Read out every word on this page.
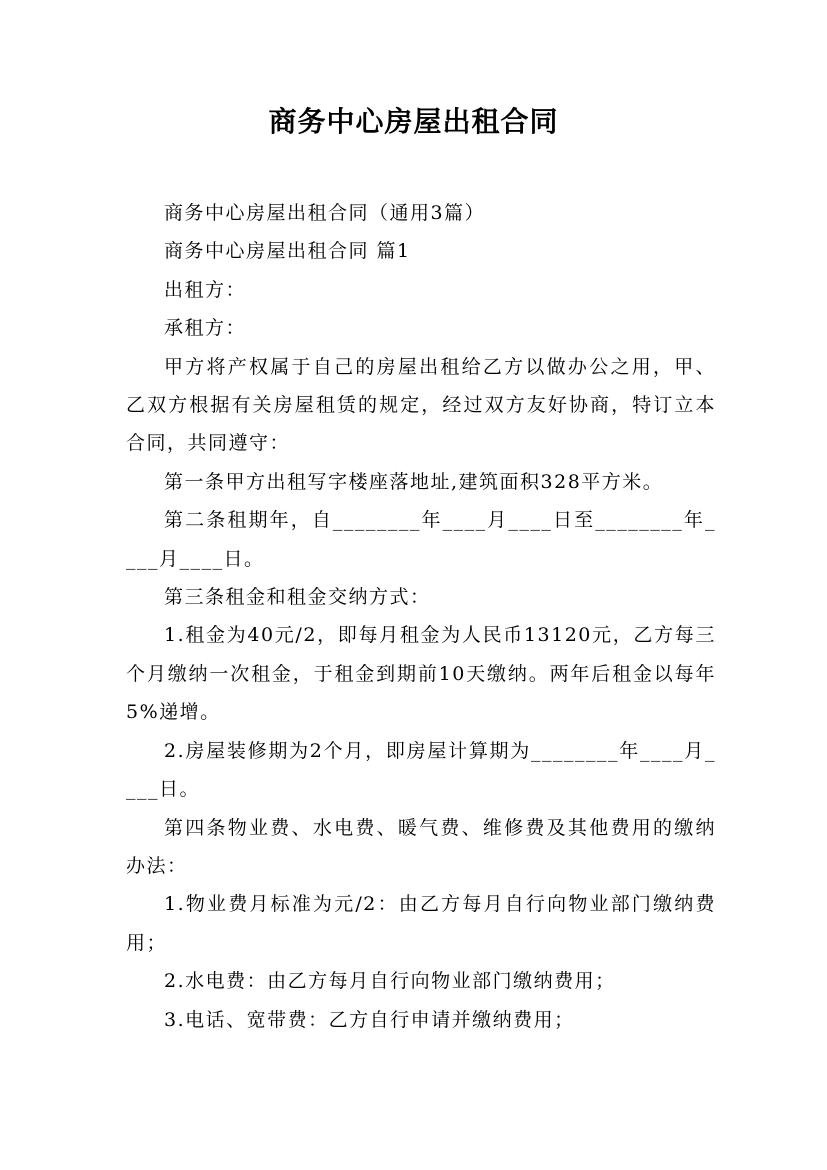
商务中心房屋出租合同

商务中心房屋出租合同（通用3篇）

商务中心房屋出租合同 篇1

出租方：

承租方：

甲方将产权属于自己的房屋出租给乙方以做办公之用，甲、乙双方根据有关房屋租赁的规定，经过双方友好协商，特订立本合同，共同遵守：

第一条甲方出租写字楼座落地址,建筑面积328平方米。

第二条租期年，自________年____月____日至________年____月____日。

第三条租金和租金交纳方式：

1.租金为40元/2，即每月租金为人民币13120元，乙方每三个月缴纳一次租金，于租金到期前10天缴纳。两年后租金以每年5%递增。

2.房屋装修期为2个月，即房屋计算期为________年____月____日。

第四条物业费、水电费、暖气费、维修费及其他费用的缴纳办法：

1.物业费月标准为元/2：由乙方每月自行向物业部门缴纳费用；

2.水电费：由乙方每月自行向物业部门缴纳费用；

3.电话、宽带费：乙方自行申请并缴纳费用；
